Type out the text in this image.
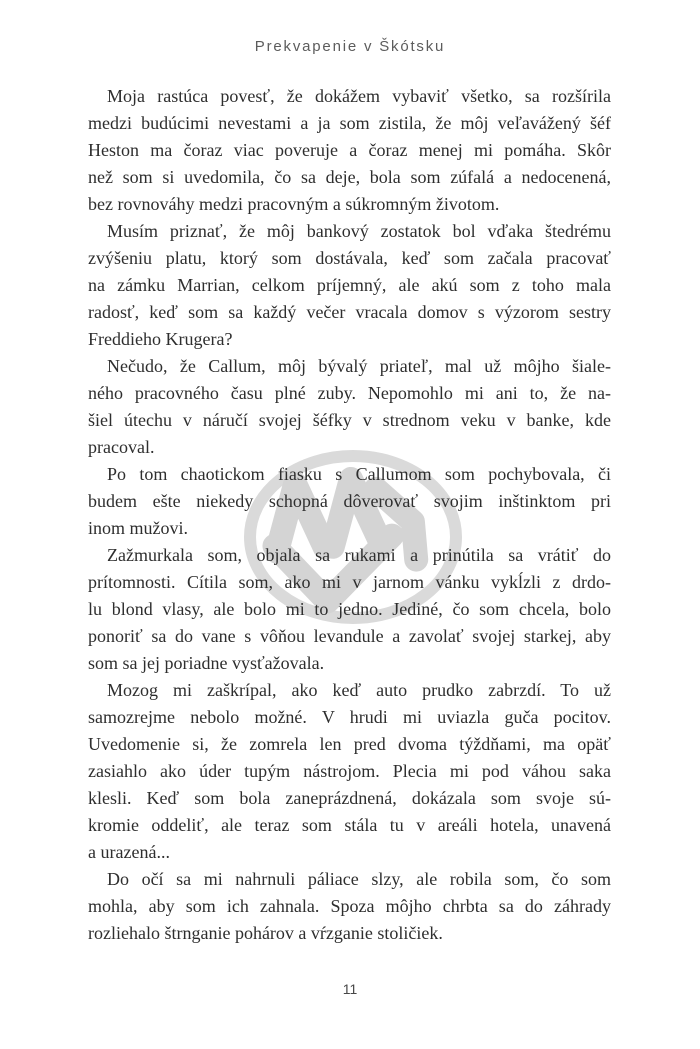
Prekvapenie v Škótsku
Moja rastúca povesť, že dokážem vybaviť všetko, sa rozšírila
medzi budúcimi nevestami a ja som zistila, že môj veľavážený šéf
Heston ma čoraz viac poveruje a čoraz menej mi pomáha. Skôr
než som si uvedomila, čo sa deje, bola som zúfalá a nedocenená,
bez rovnováhy medzi pracovným a súkromným životom.
Musím priznať, že môj bankový zostatok bol vďaka štedrému
zvýšeniu platu, ktorý som dostávala, keď som začala pracovať
na zámku Marrian, celkom príjemný, ale akú som z toho mala
radosť, keď som sa každý večer vracala domov s výzorom sestry
Freddieho Krugera?
Nečudo, že Callum, môj bývalý priateľ, mal už môjho šiale-
ného pracovného času plné zuby. Nepomohlo mi ani to, že na-
šiel útechu v náručí svojej šéfky v strednom veku v banke, kde
pracoval.
Po tom chaotickom fiasku s Callumom som pochybovala, či
budem ešte niekedy schopná dôverovať svojim inštinktom pri
inom mužovi.
Zažmurkala som, objala sa rukami a prinútila sa vrátiť do
prítomnosti. Cítila som, ako mi v jarnom vánku vykĺzli z drdo-
lu blond vlasy, ale bolo mi to jedno. Jediné, čo som chcela, bolo
ponoriť sa do vane s vôňou levandule a zavolať svojej starkej, aby
som sa jej poriadne vysťažovala.
Mozog mi zaškrípal, ako keď auto prudko zabrzdí. To už
samozrejme nebolo možné. V hrudi mi uviazla guča pocitov.
Uvedomenie si, že zomrela len pred dvoma týždňami, ma opäť
zasiahlo ako úder tupým nástrojom. Plecia mi pod váhou saka
klesli. Keď som bola zaneprázdnená, dokázala som svoje sú-
kromie oddeliť, ale teraz som stála tu v areáli hotela, unavená
a urazená...
Do očí sa mi nahrnuli páliace slzy, ale robila som, čo som
mohla, aby som ich zahnala. Spoza môjho chrbta sa do záhrady
rozliehalo štrnganie pohárov a vŕzganie stoličiek.
11
